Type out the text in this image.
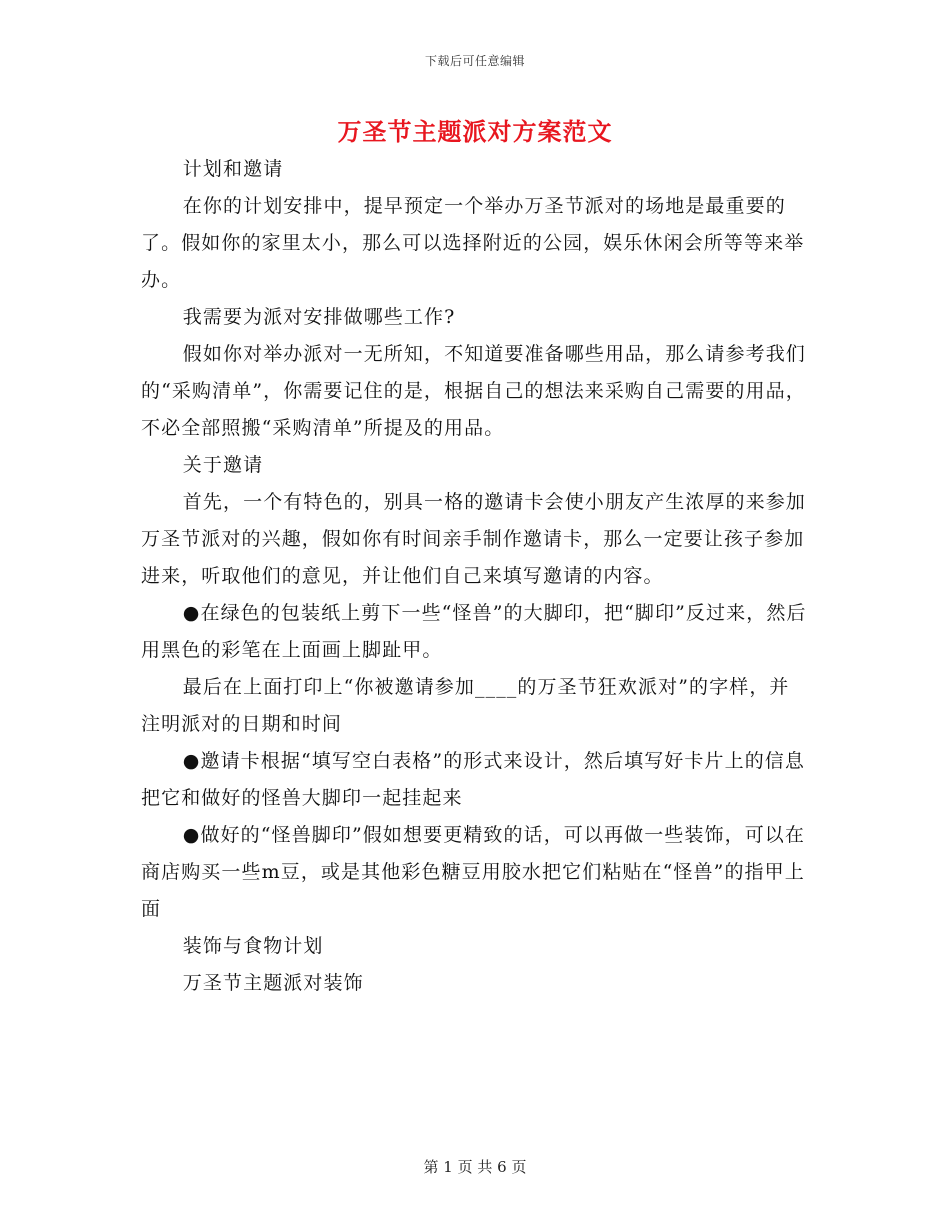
下载后可任意编辑
万圣节主题派对方案范文

计划和邀请

在你的计划安排中，提早预定一个举办万圣节派对的场地是最重要的了。假如你的家里太小，那么可以选择附近的公园，娱乐休闲会所等等来举办。

我需要为派对安排做哪些工作?

假如你对举办派对一无所知，不知道要准备哪些用品，那么请参考我们的“采购清单”，你需要记住的是，根据自己的想法来采购自己需要的用品，不必全部照搬“采购清单”所提及的用品。

关于邀请

首先，一个有特色的，别具一格的邀请卡会使小朋友产生浓厚的来参加万圣节派对的兴趣，假如你有时间亲手制作邀请卡，那么一定要让孩子参加进来，听取他们的意见，并让他们自己来填写邀请的内容。

●在绿色的包装纸上剪下一些“怪兽”的大脚印，把“脚印”反过来，然后用黑色的彩笔在上面画上脚趾甲。

最后在上面打印上“你被邀请参加____的万圣节狂欢派对”的字样，并注明派对的日期和时间

●邀请卡根据“填写空白表格”的形式来设计，然后填写好卡片上的信息把它和做好的怪兽大脚印一起挂起来

●做好的“怪兽脚印”假如想要更精致的话，可以再做一些装饰，可以在商店购买一些m豆，或是其他彩色糖豆用胶水把它们粘贴在“怪兽”的指甲上面

装饰与食物计划

万圣节主题派对装饰

第 1 页 共 6 页
